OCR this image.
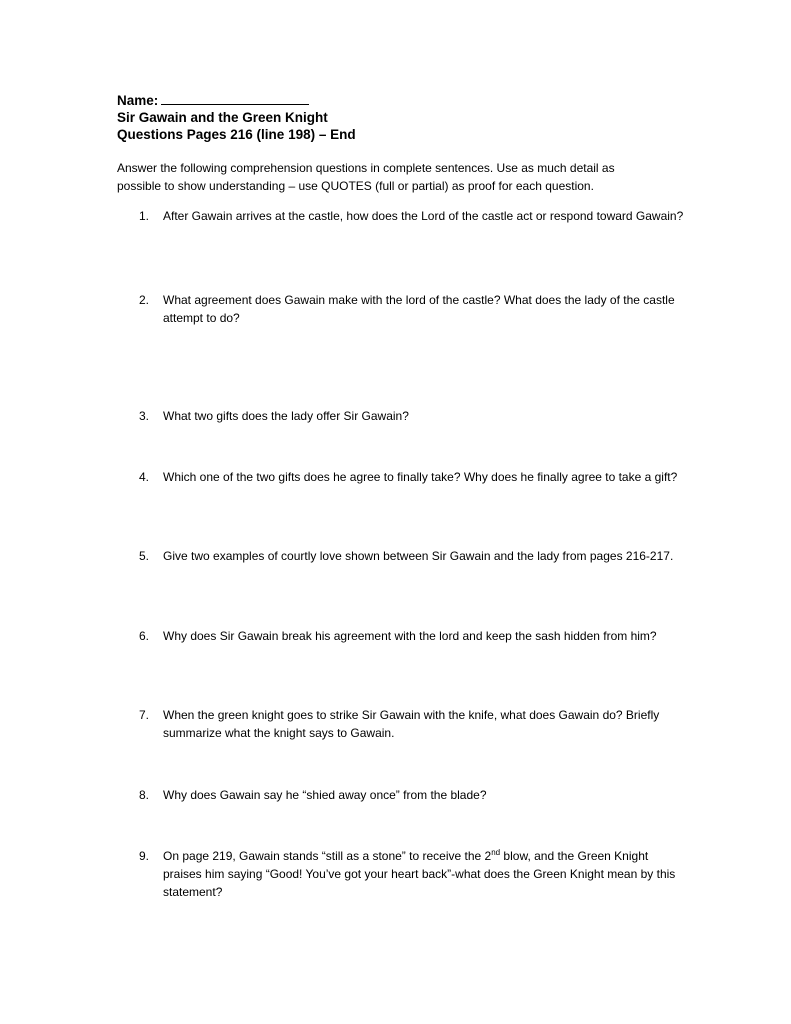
Name:
Sir Gawain and the Green Knight
Questions Pages 216 (line 198) – End
Answer the following comprehension questions in complete sentences. Use as much detail as possible to show understanding – use QUOTES (full or partial) as proof for each question.
1. After Gawain arrives at the castle, how does the Lord of the castle act or respond toward Gawain?
2. What agreement does Gawain make with the lord of the castle? What does the lady of the castle attempt to do?
3. What two gifts does the lady offer Sir Gawain?
4. Which one of the two gifts does he agree to finally take? Why does he finally agree to take a gift?
5. Give two examples of courtly love shown between Sir Gawain and the lady from pages 216-217.
6. Why does Sir Gawain break his agreement with the lord and keep the sash hidden from him?
7. When the green knight goes to strike Sir Gawain with the knife, what does Gawain do? Briefly summarize what the knight says to Gawain.
8. Why does Gawain say he “shied away once” from the blade?
9. On page 219, Gawain stands “still as a stone” to receive the 2nd blow, and the Green Knight praises him saying “Good! You’ve got your heart back”-what does the Green Knight mean by this statement?
